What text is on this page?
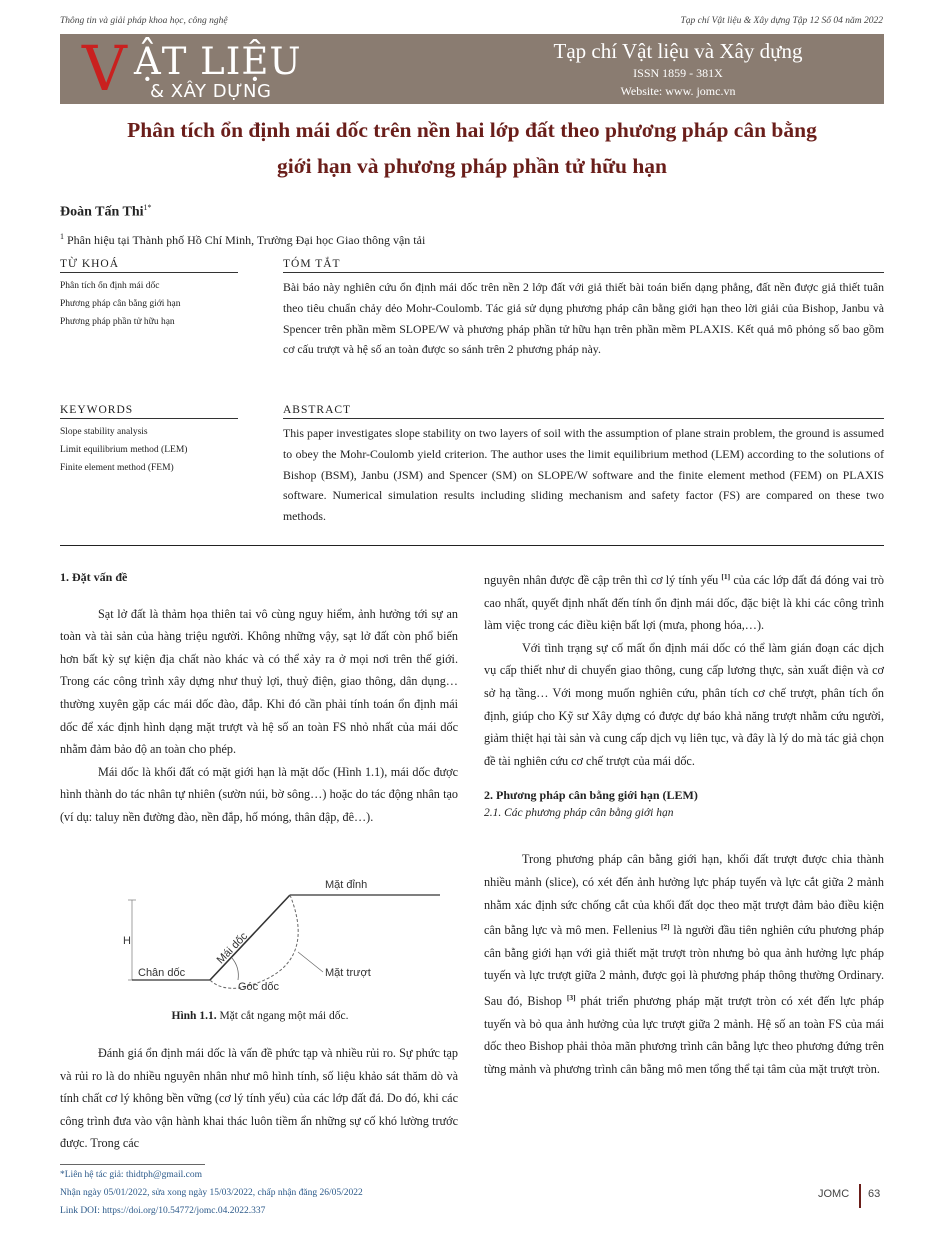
Thông tin và giải pháp khoa học, công nghệ	Tạp chí Vật liệu & Xây dựng Tập 12 Số 04 năm 2022
V ẬT LIỆU
& XÂY DỰNG
Tạp chí Vật liệu và Xây dựng
ISSN 1859 - 381X
Website: www. jomc.vn
Phân tích ổn định mái dốc trên nền hai lớp đất theo phương pháp cân bằng
giới hạn và phương pháp phần tử hữu hạn
Đoàn Tấn Thi$^{1*}$
$^1$ Phân hiệu tại Thành phố Hồ Chí Minh, Trường Đại học Giao thông vận tải
TỪ KHOÁ
Phân tích ổn định mái dốc
Phương pháp cân bằng giới hạn
Phương pháp phần tử hữu hạn
TÓM TẮT
Bài báo này nghiên cứu ổn định mái dốc trên nền 2 lớp đất với giả thiết bài toán biến dạng phẳng, đất nền được giả thiết tuân theo tiêu chuẩn chảy dẻo Mohr-Coulomb. Tác giả sử dụng phương pháp cân bằng giới hạn theo lời giải của Bishop, Janbu và Spencer trên phần mềm SLOPE/W và phương pháp phần tử hữu hạn trên phần mềm PLAXIS. Kết quả mô phỏng số bao gồm cơ cấu trượt và hệ số an toàn được so sánh trên 2 phương pháp này.
KEYWORDS
Slope stability analysis
Limit equilibrium method (LEM)
Finite element method (FEM)
ABSTRACT
This paper investigates slope stability on two layers of soil with the assumption of plane strain problem, the ground is assumed to obey the Mohr-Coulomb yield criterion. The author uses the limit equilibrium method (LEM) according to the solutions of Bishop (BSM), Janbu (JSM) and Spencer (SM) on SLOPE/W software and the finite element method (FEM) on PLAXIS software. Numerical simulation results including sliding mechanism and safety factor (FS) are compared on these two methods.

1. Đặt vấn đề

Sạt lở đất là thảm họa thiên tai vô cùng nguy hiểm, ảnh hưởng tới sự an toàn và tài sản của hàng triệu người. Không những vậy, sạt lở đất còn phổ biến hơn bất kỳ sự kiện địa chất nào khác và có thể xảy ra ở mọi nơi trên thế giới. Trong các công trình xây dựng như thuỷ lợi, thuỷ điện, giao thông, dân dụng… thường xuyên gặp các mái dốc đào, đắp. Khi đó cần phải tính toán ổn định mái dốc để xác định hình dạng mặt trượt và hệ số an toàn FS nhỏ nhất của mái dốc nhằm đảm bảo độ an toàn cho phép.

Mái dốc là khối đất có mặt giới hạn là mặt dốc (Hình 1.1), mái dốc được hình thành do tác nhân tự nhiên (sườn núi, bờ sông…) hoặc do tác động nhân tạo (ví dụ: taluy nền đường đào, nền đắp, hố móng, thân đập, đê…).

H
Mặt đỉnh
Mái dốc
Chân dốc
Góc dốc
Mặt trượt
Hình 1.1. Mặt cắt ngang một mái dốc.

Đánh giá ổn định mái dốc là vấn đề phức tạp và nhiều rủi ro. Sự phức tạp và rủi ro là do nhiều nguyên nhân như mô hình tính, số liệu khảo sát thăm dò và tính chất cơ lý không bền vững (cơ lý tính yếu) của các lớp đất đá. Do đó, khi các công trình đưa vào vận hành khai thác luôn tiềm ẩn những sự cố khó lường trước được. Trong các

nguyên nhân được đề cập trên thì cơ lý tính yếu [1] của các lớp đất đá đóng vai trò cao nhất, quyết định nhất đến tính ổn định mái dốc, đặc biệt là khi các công trình làm việc trong các điều kiện bất lợi (mưa, phong hóa,…).

Với tình trạng sự cố mất ổn định mái dốc có thể làm gián đoạn các dịch vụ cấp thiết như di chuyển giao thông, cung cấp lương thực, sản xuất điện và cơ sở hạ tầng… Với mong muốn nghiên cứu, phân tích cơ chế trượt, phân tích ổn định, giúp cho Kỹ sư Xây dựng có được dự báo khả năng trượt nhằm cứu người, giảm thiệt hại tài sản và cung cấp dịch vụ liên tục, và đây là lý do mà tác giả chọn đề tài nghiên cứu cơ chế trượt của mái dốc.

2. Phương pháp cân bằng giới hạn (LEM)

2.1. Các phương pháp cân bằng giới hạn

Trong phương pháp cân bằng giới hạn, khối đất trượt được chia thành nhiều mảnh (slice), có xét đến ảnh hưởng lực pháp tuyến và lực cắt giữa 2 mảnh nhằm xác định sức chống cắt của khối đất dọc theo mặt trượt đảm bảo điều kiện cân bằng lực và mô men. Fellenius [2] là người đầu tiên nghiên cứu phương pháp cân bằng giới hạn với giả thiết mặt trượt tròn nhưng bỏ qua ảnh hưởng lực pháp tuyến và lực trượt giữa 2 mảnh, được gọi là phương pháp thông thường Ordinary. Sau đó, Bishop [3] phát triển phương pháp mặt trượt tròn có xét đến lực pháp tuyến và bỏ qua ảnh hưởng của lực trượt giữa 2 mảnh. Hệ số an toàn FS của mái dốc theo Bishop phải thỏa mãn phương trình cân bằng lực theo phương đứng trên từng mảnh và phương trình cân bằng mô men tổng thể tại tâm của mặt trượt tròn.

*Liên hệ tác giả: thidtph@gmail.com
Nhận ngày 05/01/2022, sửa xong ngày 15/03/2022, chấp nhận đăng 26/05/2022
Link DOI: https://doi.org/10.54772/jomc.04.2022.337
JOMC 63
